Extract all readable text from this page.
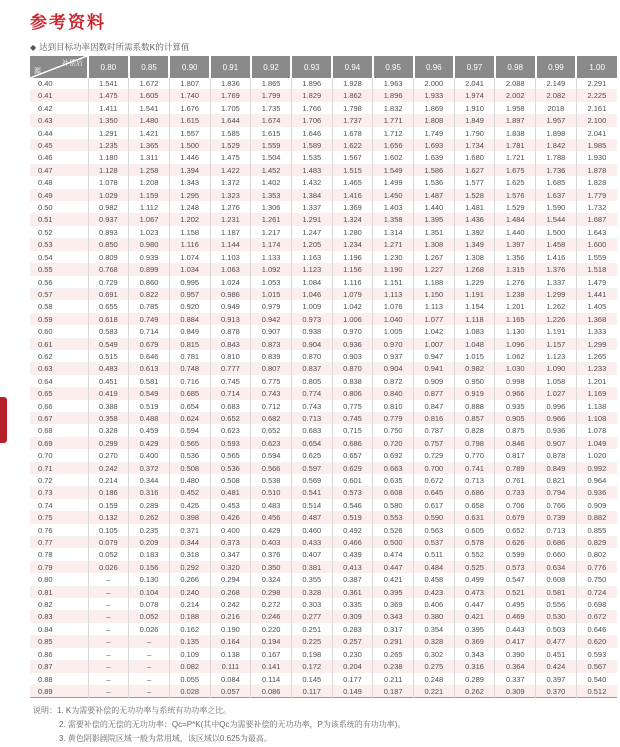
参考资料
◆ 达到目标功率因数时所需系数K的计算值
补偿后
源	0.80	0.85	0.90	0.91	0.92	0.93	0.94	0.95	0.96	0.97	0.98	0.99	1.00
0.40	1.541	1.672	1.807	1.836	1.865	1.896	1.928	1.963	2.000	2.041	2.088	2.149	2.291
0.41	1.475	1.605	1.740	1.769	1.799	1.829	1.862	1.896	1.933	1.974	2.002	2.082	2.225
0.42	1.411	1.541	1.676	1.705	1.735	1.766	1.798	1.832	1.869	1.910	1.958	2018	2.161
0.43	1.350	1.480	1.615	1.644	1.674	1.706	1.737	1.771	1.808	1.849	1.897	1.957	2.100
0.44	1.291	1.421	1.557	1.585	1.615	1.646	1.678	1.712	1.749	1.790	1.838	1.898	2.041
0.45	1.235	1.365	1.500	1.529	1.559	1.589	1.622	1.656	1.693	1.734	1.781	1.842	1.985
0.46	1.180	1.311	1.446	1.475	1.504	1.535	1.567	1.602	1.639	1.680	1.721	1.788	1.930
0.47	1.128	1.258	1.394	1.422	1.452	1.483	1.515	1.549	1.586	1.627	1.675	1.736	1.878
0.48	1.078	1.208	1.343	1.372	1.402	1.432	1.465	1.499	1.536	1.577	1.625	1.685	1.828
0.49	1.029	1.159	1.295	1.323	1.353	1.384	1.416	1.450	1.487	1.528	1.576	1.637	1.779
0.50	0.982	1.112	1.248	1.276	1.306	1.337	1.369	1.403	1.440	1.481	1.529	1.590	1.732
0.51	0.937	1.067	1.202	1.231	1.261	1.291	1.324	1.358	1.395	1.436	1.484	1.544	1.687
0.52	0.893	1.023	1.158	1.187	1.217	1.247	1.280	1.314	1.351	1.392	1.440	1.500	1.643
0.53	0.850	0.980	1.116	1.144	1.174	1.205	1.234	1.271	1.308	1.349	1.397	1.458	1.600
0.54	0.809	0.939	1.074	1.103	1.133	1.163	1.196	1.230	1.267	1.308	1.356	1.416	1.559
0.55	0.768	0.899	1.034	1.063	1.092	1.123	1.156	1.190	1.227	1.268	1.315	1.376	1.518
0.56	0.729	0.860	0.995	1.024	1.053	1.084	1.116	1.151	1.188	1.229	1.276	1.337	1.479
0.57	0.691	0.822	0.957	0.986	1.015	1.046	1.079	1.113	1.150	1.191	1.238	1.299	1.441
0.58	0.655	0.785	0.920	0.949	0.979	1.009	1.042	1.076	1.113	1.154	1.201	1.262	1.405
0.59	0.618	0.749	0.884	0.913	0.942	0.973	1.006	1.040	1.077	1.118	1.165	1.226	1.368
0.60	0.583	0.714	0.849	0.878	0.907	0.938	0.970	1.005	1.042	1.083	1.130	1.191	1.333
0.61	0.549	0.679	0.815	0.843	0.873	0.904	0.936	0.970	1.007	1.048	1.096	1.157	1.299
0.62	0.515	0.646	0.781	0.810	0.839	0.870	0.903	0.937	0.947	1.015	1.062	1.123	1.265
0.63	0.483	0.613	0.748	0.777	0.807	0.837	0.870	0.904	0.941	0.982	1.030	1.090	1.233
0.64	0.451	0.581	0.716	0.745	0.775	0.805	0.838	0.872	0.909	0.950	0.998	1.058	1.201
0.65	0.419	0.549	0.685	0.714	0.743	0.774	0.806	0.840	0.877	0.919	0.966	1.027	1.169
0.66	0.388	0.519	0.654	0.683	0.712	0.743	0.775	0.810	0.847	0.888	0.935	0.996	1.138
0.67	0.358	0.488	0.624	0.652	0.682	0.713	0.745	0.779	0.816	0.857	0.905	0.966	1.108
0.68	0.328	0.459	0.594	0.623	0.652	0.683	0.715	0.750	0.787	0.828	0.875	0.936	1.078
0.69	0.299	0.429	0.565	0.593	0.623	0.654	0.686	0.720	0.757	0.798	0.846	0.907	1.049
0.70	0.270	0.400	0.536	0.565	0.594	0.625	0.657	0.692	0.729	0.770	0.817	0.878	1.020
0.71	0.242	0.372	0.508	0.536	0.566	0.597	0.629	0.663	0.700	0.741	0.789	0.849	0.992
0.72	0.214	0.344	0.480	0.508	0.538	0.569	0.601	0.635	0.672	0.713	0.761	0.821	0.964
0.73	0.186	0.316	0.452	0.481	0.510	0.541	0.573	0.608	0.645	0.686	0.733	0.794	0.936
0.74	0.159	0.289	0.425	0.453	0.483	0.514	0.546	0.580	0.617	0.658	0.706	0.766	0.909
0.75	0.132	0.262	0.398	0.426	0.456	0.487	0.519	0.553	0.590	0.631	0.679	0.739	0.882
0.76	0.105	0.235	0.371	0.400	0.429	0.460	0.492	0.526	0.563	0.605	0.652	0.713	0.855
0.77	0.079	0.209	0.344	0.373	0.403	0.433	0.466	0.500	0.537	0.578	0.626	0.686	0.829
0.78	0.052	0.183	0.318	0.347	0.376	0.407	0.439	0.474	0.511	0.552	0.599	0.660	0.802
0.79	0.026	0.156	0.292	0.320	0.350	0.381	0.413	0.447	0.484	0.525	0.573	0.634	0.776
0.80	–	0.130	0.266	0.294	0.324	0.355	0.387	0.421	0.458	0.499	0.547	0.608	0.750
0.81	–	0.104	0.240	0.268	0.298	0.328	0.361	0.395	0.423	0.473	0.521	0.581	0.724
0.82	–	0.078	0.214	0.242	0.272	0.303	0.335	0.369	0.406	0.447	0.495	0.556	0.698
0.83	–	0.052	0.188	0.216	0.246	0.277	0.309	0.343	0.380	0.421	0.469	0.530	0.672
0.84	–	0.026	0.162	0.190	0.220	0.251	0.283	0.317	0.354	0.395	0.443	0.503	0.646
0.85	–	–	0.135	0.164	0.194	0.225	0.257	0.291	0.328	0.369	0.417	0.477	0.620
0.86	–	–	0.109	0.138	0.167	0.198	0.230	0.265	0.302	0.343	0.390	0.451	0.593
0.87	–	–	0.082	0.111	0.141	0.172	0.204	0.238	0.275	0.316	0.364	0.424	0.567
0.88	–	–	0.055	0.084	0.114	0.145	0.177	0.211	0.248	0.289	0.337	0.397	0.540
0.89	–	–	0.028	0.057	0.086	0.117	0.149	0.187	0.221	0.262	0.309	0.370	0.512
说明： 1. K为需要补偿的无功功率与系统有功功率之比。
2. 需要补偿的无偿的无功功率：Qc=P*K(其中Qc为需要补偿的无功功率，P为该系统的有功功率)。
3. 黄色阴影剧院区域一般为常用域，该区域以0.625为最高。
